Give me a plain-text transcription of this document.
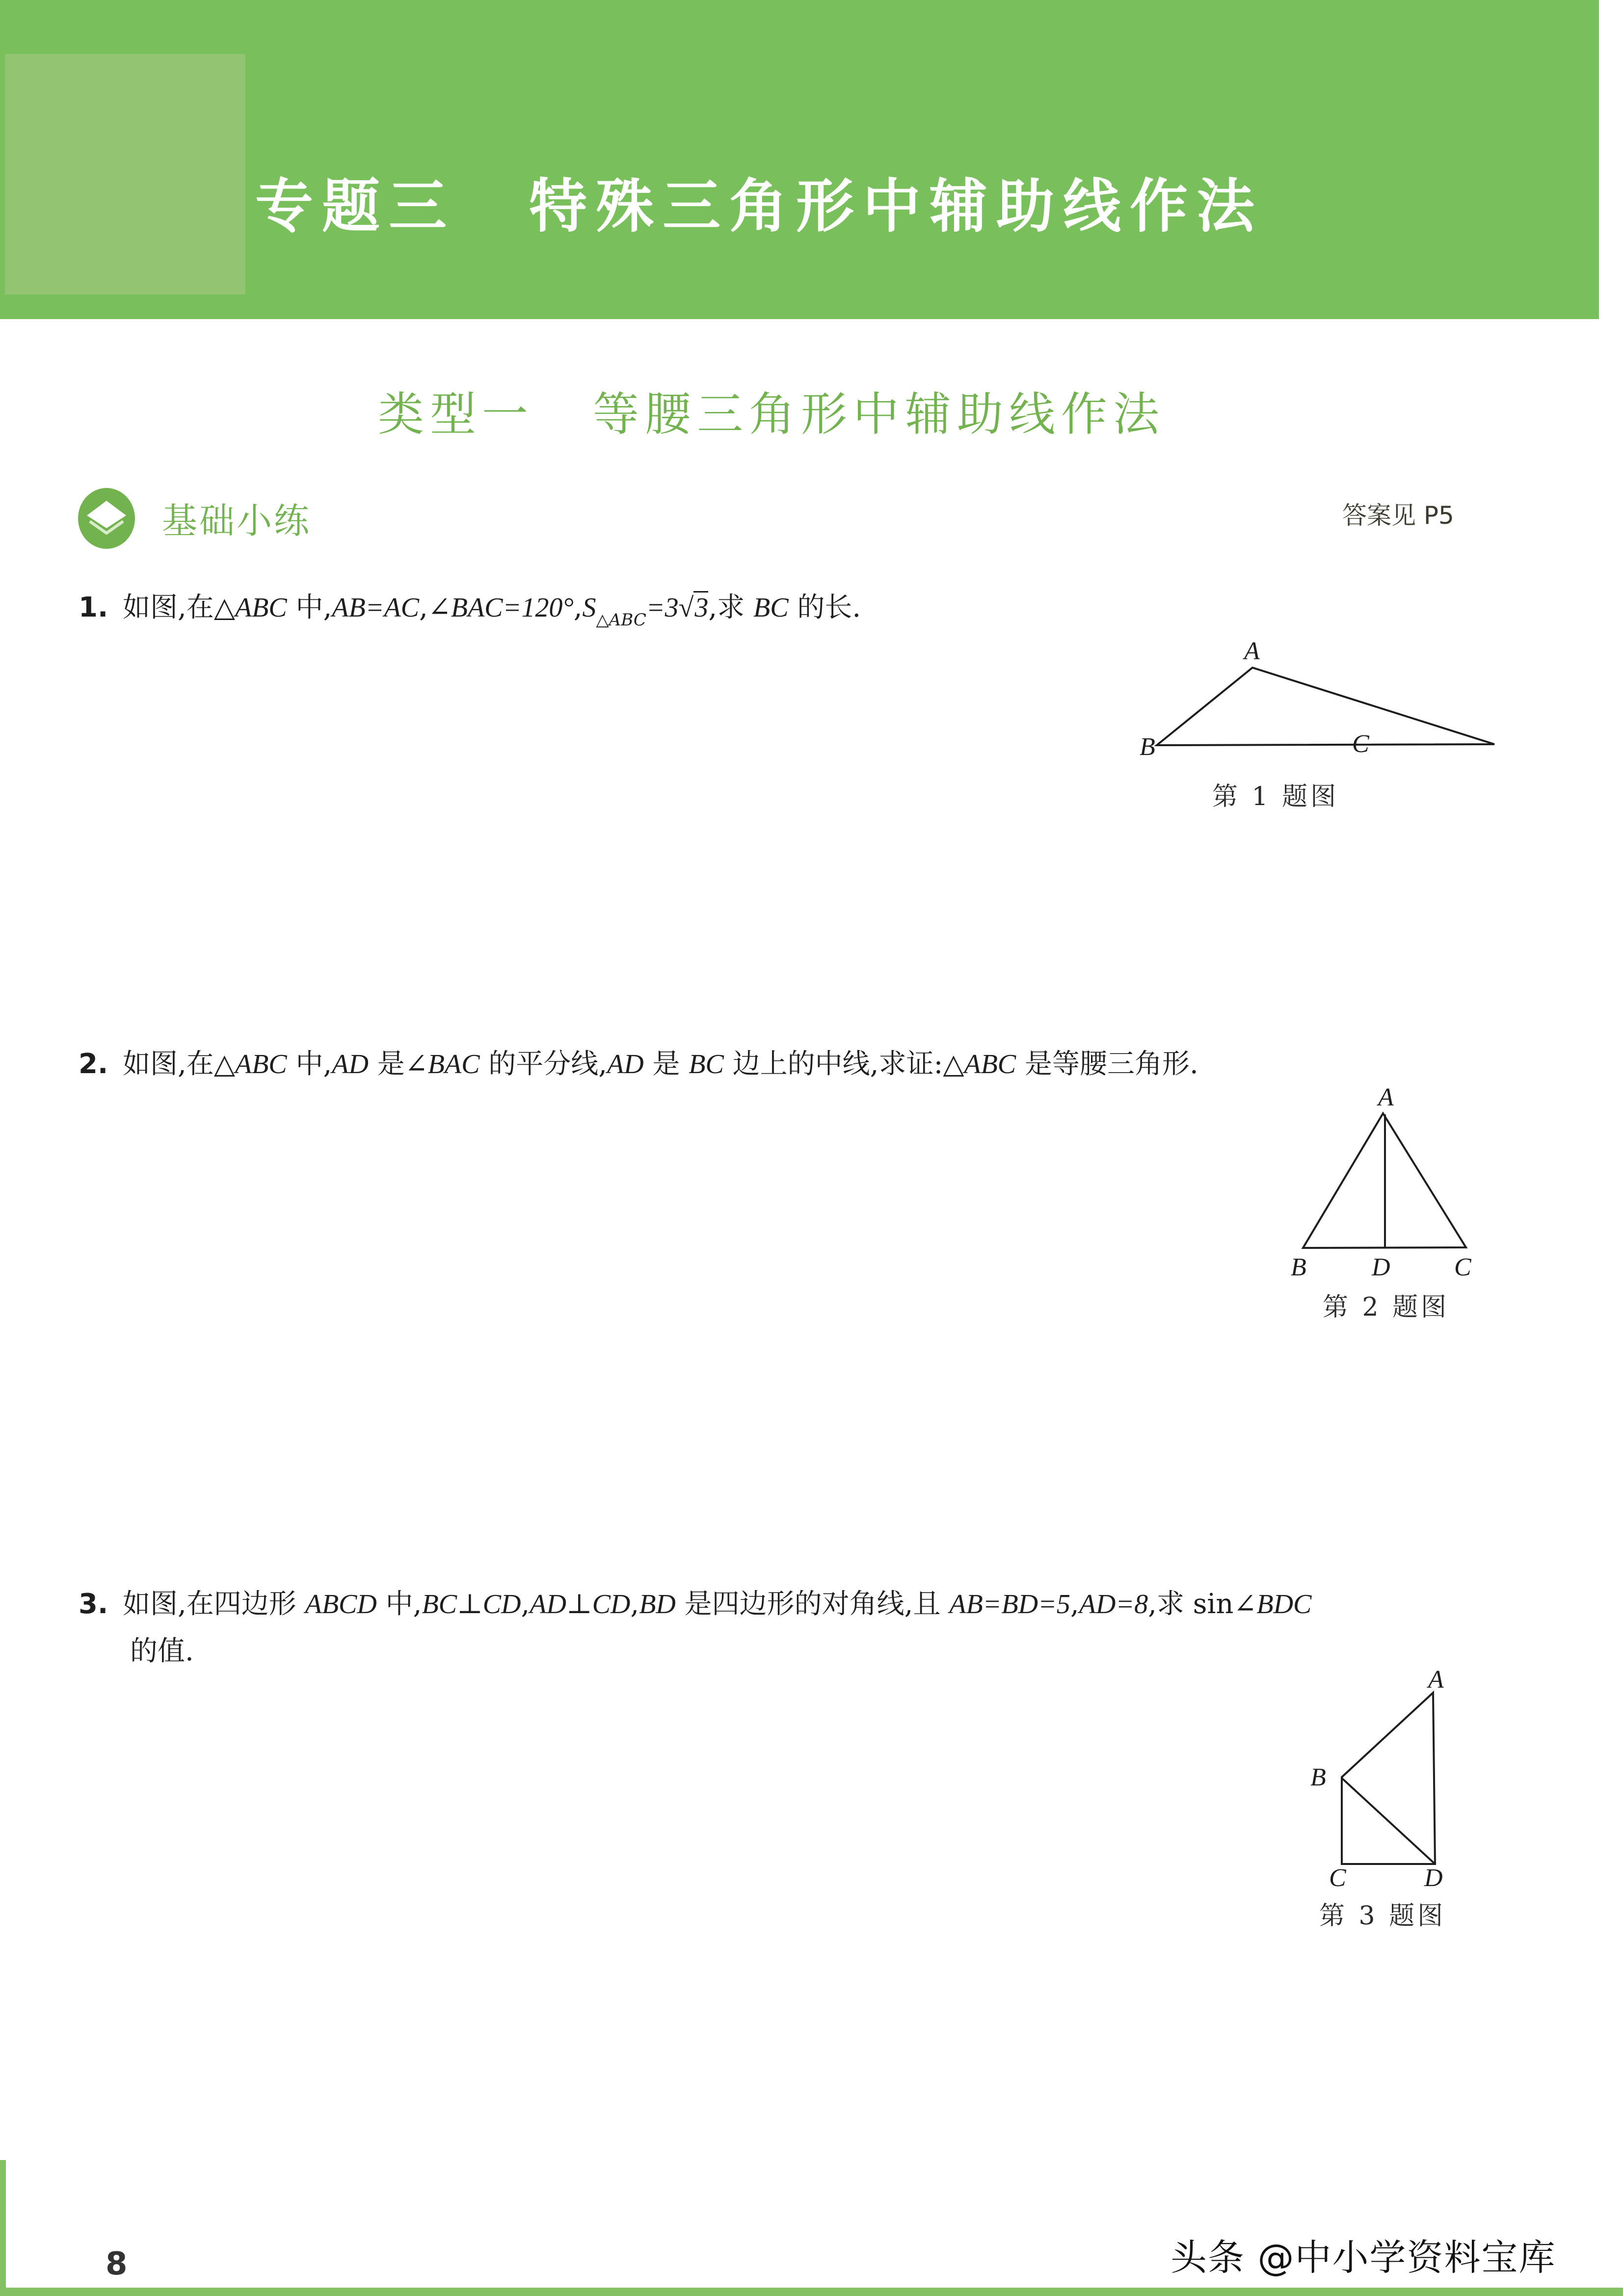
专题三 特殊三角形中辅助线作法
类型一 等腰三角形中辅助线作法
基础小练	答案见 P5
1. 如图,在△ABC 中$,AB=AC,\angle BAC=120^\circ,S_{\triangle ABC}=3√3$,求 BC 的长.
A
B
第 1 题图
C
2. 如图,在△ABC 中,AD 是∠BAC 的平分线,AD 是 BC 边上的中线,求证:△ABC 是等腰三角形.
A
B	D	C
第 2 题图
3. 如图,在四边形 ABCD 中,BC⊥CD,AD⊥CD,BD 是四边形的对角线,且 AB=BD=5,AD=8,求 sin∠BDC
的值.
A
B
C	D
第 3 题图
8	头条 @中小学资料宝库
